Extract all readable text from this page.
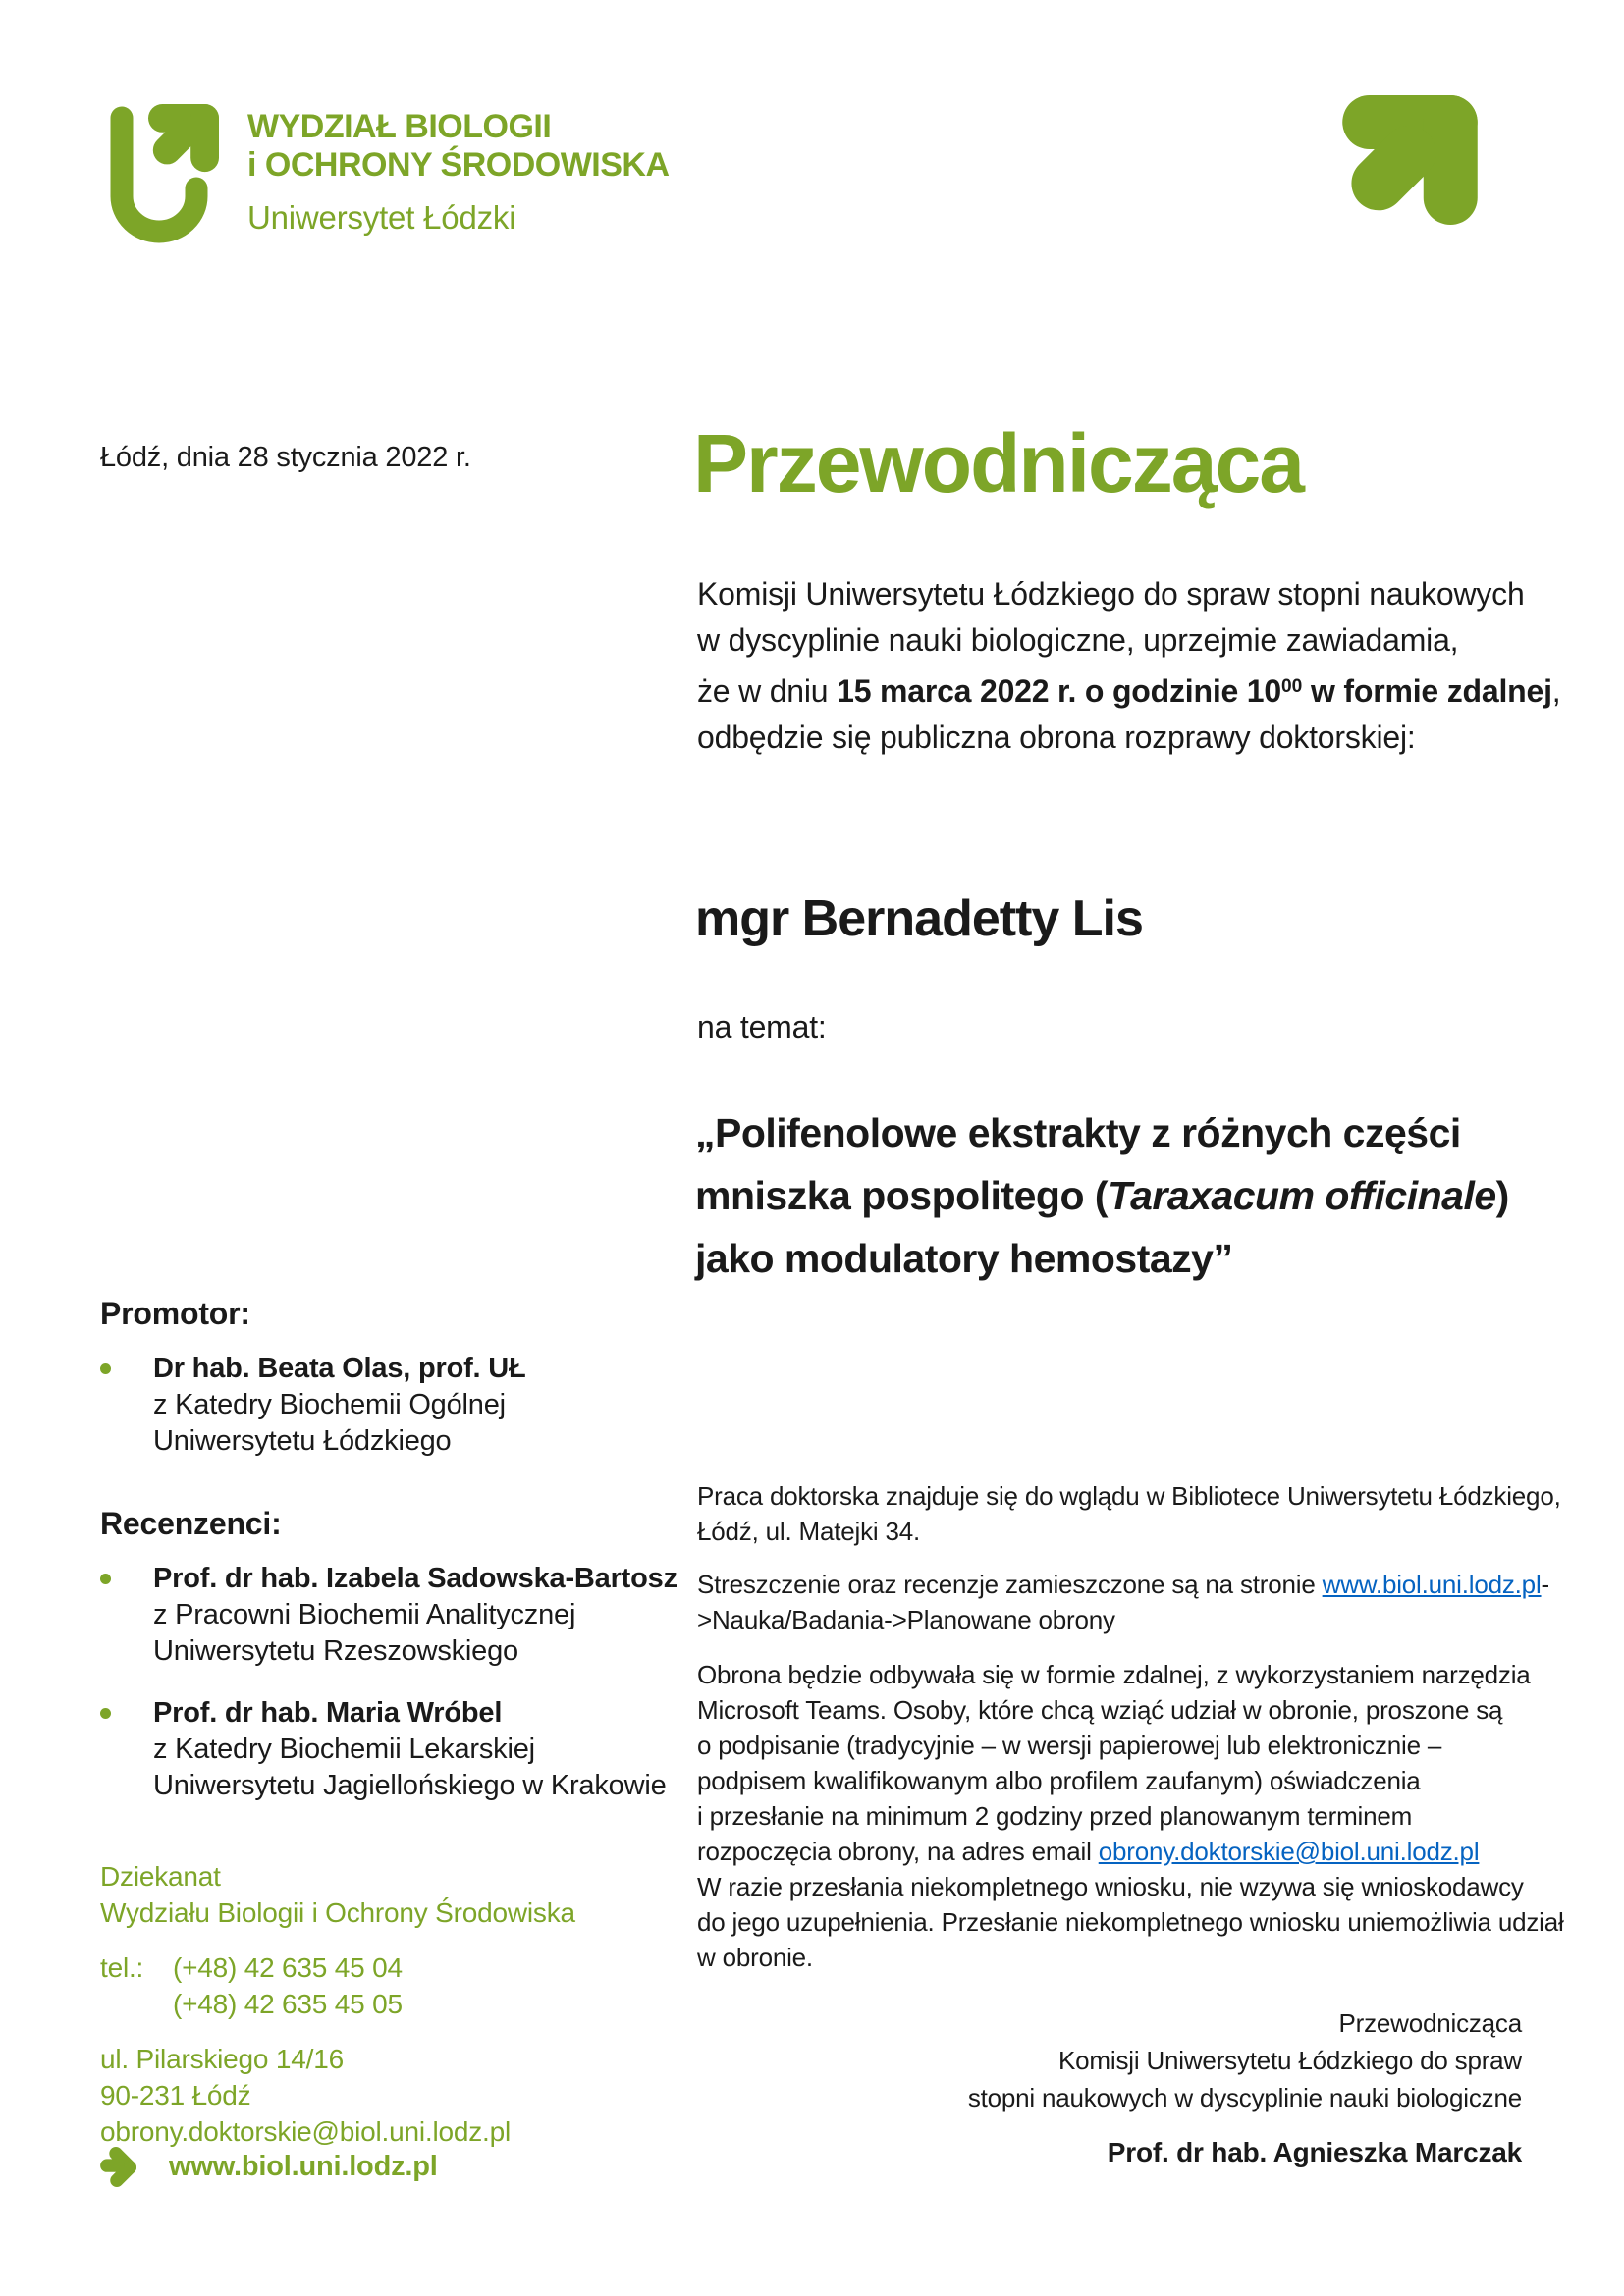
WYDZIAŁ BIOLOGII
i OCHRONY ŚRODOWISKA
Uniwersytet Łódzki
Łódź, dnia 28 stycznia 2022 r.	Przewodnicząca
Komisji Uniwersytetu Łódzkiego do spraw stopni naukowych
w dyscyplinie nauki biologiczne, uprzejmie zawiadamia,
że w dniu 15 marca 2022 r. o godzinie $10^{00}$ w formie zdalnej,
odbędzie się publiczna obrona rozprawy doktorskiej:
mgr Bernadetty Lis
na temat:
„Polifenolowe ekstrakty z różnych części
mniszka pospolitego (Taraxacum officinale)
jako modulatory hemostazy”
Promotor:
Dr hab. Beata Olas, prof. UŁ
z Katedry Biochemii Ogólnej
Uniwersytetu Łódzkiego
Recenzenci:
Prof. dr hab. Izabela Sadowska-Bartosz
z Pracowni Biochemii Analitycznej
Uniwersytetu Rzeszowskiego
Prof. dr hab. Maria Wróbel
z Katedry Biochemii Lekarskiej
Uniwersytetu Jagiellońskiego w Krakowie
Praca doktorska znajduje się do wglądu w Bibliotece Uniwersytetu Łódzkiego,
Łódź, ul. Matejki 34.
Streszczenie oraz recenzje zamieszczone są na stronie www.biol.uni.lodz.pl-
>Nauka/Badania->Planowane obrony
Obrona będzie odbywała się w formie zdalnej, z wykorzystaniem narzędzia
Microsoft Teams. Osoby, które chcą wziąć udział w obronie, proszone są
o podpisanie (tradycyjnie – w wersji papierowej lub elektronicznie –
podpisem kwalifikowanym albo profilem zaufanym) oświadczenia
i przesłanie na minimum 2 godziny przed planowanym terminem
rozpoczęcia obrony, na adres email obrony.doktorskie@biol.uni.lodz.pl
W razie przesłania niekompletnego wniosku, nie wzywa się wnioskodawcy
do jego uzupełnienia. Przesłanie niekompletnego wniosku uniemożliwia udział
w obronie.
Dziekanat
Wydziału Biologii i Ochrony Środowiska
tel.: (+48) 42 635 45 04
(+48) 42 635 45 05
ul. Pilarskiego 14/16
90-231 Łódź
obrony.doktorskie@biol.uni.lodz.pl
www.biol.uni.lodz.pl
Przewodnicząca
Komisji Uniwersytetu Łódzkiego do spraw
stopni naukowych w dyscyplinie nauki biologiczne
Prof. dr hab. Agnieszka Marczak
